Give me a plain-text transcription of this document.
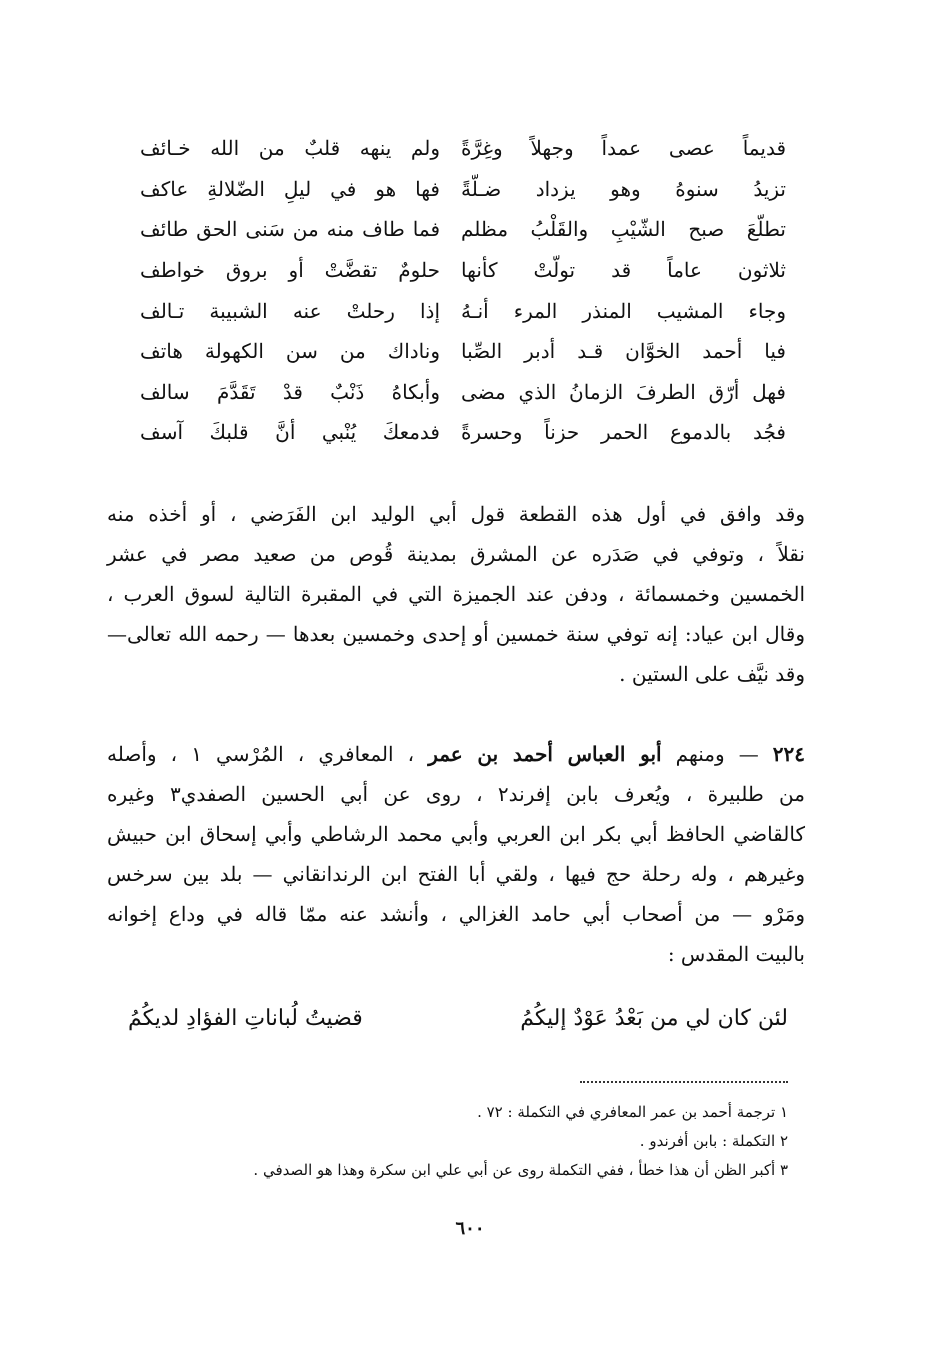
قديماً عصى عمداً وجهلاً وغِرَّةً
ولم ينهه قلبٌ من الله خـائف
تزيدُ سنوهُ وهو يزداد ضـلّةً
فها هو في ليلِ الضّلالةِ عاكف
تطلّعَ صبح الشّيْبِ والقَلْبُ مظلم
فما طاف منه من سَنى الحق طائف
ثلاثون عاماً قد تولّتْ كأنها
حلومٌ تقضَّتْ أو بروق خواطف
وجاء المشيب المنذر المرء أنـهُ
إذا رحلتْ عنه الشبيبة تـالف
فيا أحمد الخوَّان قـد أدبر الصِّبا
وناداك من سن الكهولة هاتف
فهل أرّق الطرفَ الزمانُ الذي مضى
وأبكاهُ ذَنْبٌ قدْ تَقَدَّمَ سالف
فجُد بالدموع الحمر حزناً وحسرةً
فدمعكَ يُنْبي أنَّ قلبكَ آسف
وقد وافق في أول هذه القطعة قول أبي الوليد ابن الفَرَضي ، أو أخذه منه
نقلاً ، وتوفي في صَدَره عن المشرق بمدينة قُوص من صعيد مصر في عشر
الخمسين وخمسمائة ، ودفن عند الجميزة التي في المقبرة التالية لسوق العرب ،
وقال ابن عياد: إنه توفي سنة خمسين أو إحدى وخمسين بعدها — رحمه الله تعالى—
وقد نيَّف على الستين .
٢٢٤ — ومنهم أبو العباس أحمد بن عمر ، المعافري ، المُرْسي ١ ، وأصله
من طلبيرة ، ويُعرف بابن إفرند٢ ، روى عن أبي الحسين الصفدي٣ وغيره
كالقاضي الحافظ أبي بكر ابن العربي وأبي محمد الرشاطي وأبي إسحاق ابن حبيش
وغيرهم ، وله رحلة حج فيها ، ولقي أبا الفتح ابن الرندانقاني — بلد بين سرخس
ومَرْو — من أصحاب أبي حامد الغزالي ، وأنشد عنه ممّا قاله في وداع إخوانه
بالبيت المقدس :
لئن كان لي من بَعْدُ عَوْدٌ إليكُمُ
قضيتُ لُباناتِ الفؤادِ لديكُمُ
١ ترجمة أحمد بن عمر المعافري في التكملة : ٧٢ .
٢ التكملة : بابن أفرندو .
٣ أكبر الظن أن هذا خطأ ، ففي التكملة روى عن أبي علي ابن سكرة وهذا هو الصدفي .
٦٠٠
